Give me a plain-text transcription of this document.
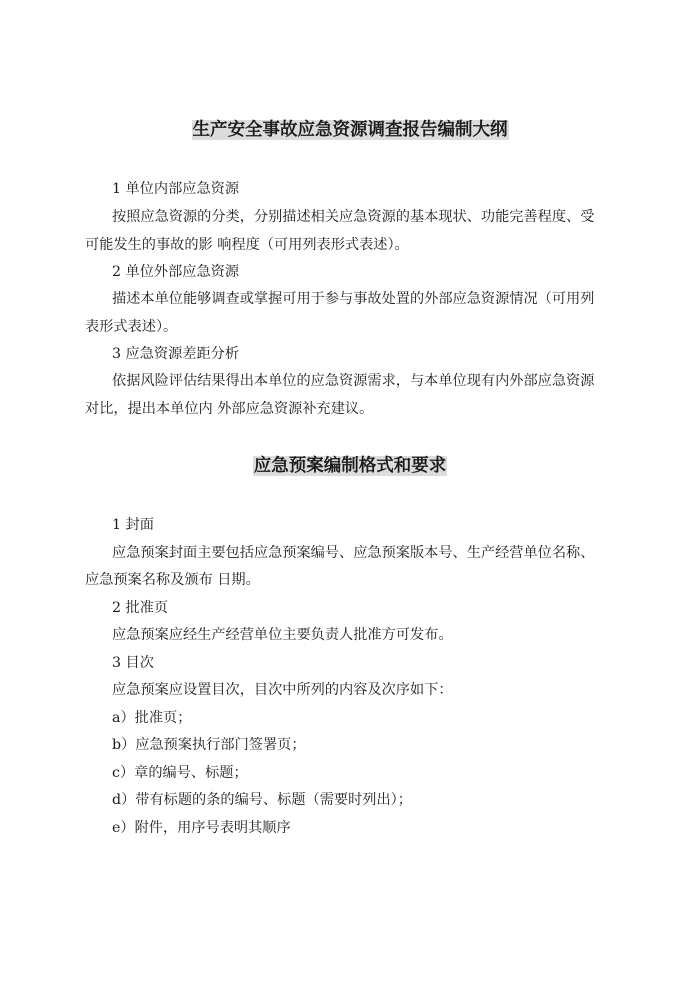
生产安全事故应急资源调查报告编制大纲
1 单位内部应急资源
按照应急资源的分类，分别描述相关应急资源的基本现状、功能完善程度、受
可能发生的事故的影 响程度（可用列表形式表述）。
2 单位外部应急资源
描述本单位能够调查或掌握可用于参与事故处置的外部应急资源情况（可用列
表形式表述）。
3 应急资源差距分析
依据风险评估结果得出本单位的应急资源需求，与本单位现有内外部应急资源
对比，提出本单位内 外部应急资源补充建议。
应急预案编制格式和要求
1 封面
应急预案封面主要包括应急预案编号、应急预案版本号、生产经营单位名称、
应急预案名称及颁布 日期。
2 批准页
应急预案应经生产经营单位主要负责人批准方可发布。
3 目次
应急预案应设置目次，目次中所列的内容及次序如下：
a）批准页；
b）应急预案执行部门签署页；
c）章的编号、标题；
d）带有标题的条的编号、标题（需要时列出）；
e）附件，用序号表明其顺序
